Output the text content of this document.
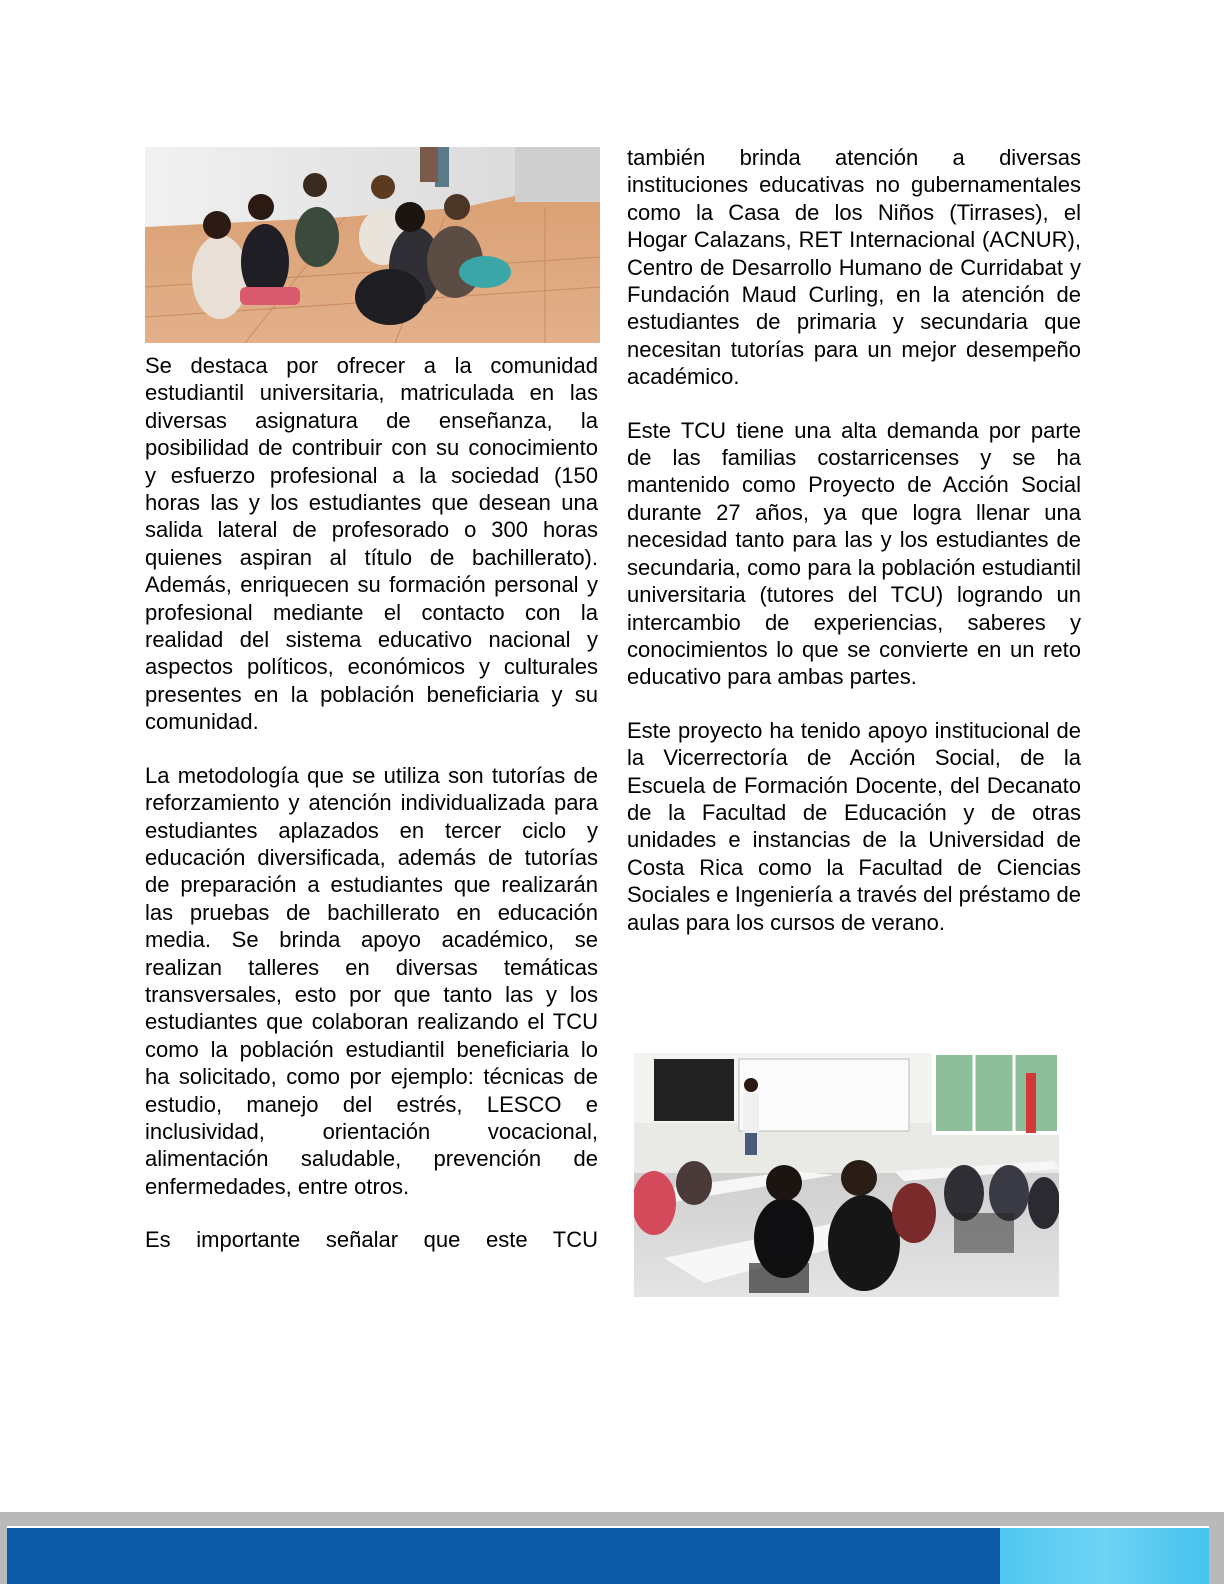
Se destaca por ofrecer a la comunidad estudiantil universitaria, matriculada en las diversas asignatura de enseñanza, la posibilidad de contribuir con su conocimiento y esfuerzo profesional a la sociedad (150 horas las y los estudiantes que desean una salida lateral de profesorado o 300 horas quienes aspiran al título de bachillerato). Además, enriquecen su formación personal y profesional mediante el contacto con la realidad del sistema educativo nacional y aspectos políticos, económicos y culturales presentes en la población beneficiaria y su comunidad.

La metodología que se utiliza son tutorías de reforzamiento y atención individualizada para estudiantes aplazados en tercer ciclo y educación diversificada, además de tutorías de preparación a estudiantes que realizarán las pruebas de bachillerato en educación media. Se brinda apoyo académico, se realizan talleres en diversas temáticas transversales, esto por que tanto las y los estudiantes que colaboran realizando el TCU como la población estudiantil beneficiaria lo ha solicitado, como por ejemplo: técnicas de estudio, manejo del estrés, LESCO e inclusividad, orientación vocacional, alimentación saludable, prevención de enfermedades, entre otros.

Es importante señalar que este TCU

también brinda atención a diversas instituciones educativas no gubernamentales como la Casa de los Niños (Tirrases), el Hogar Calazans, RET Internacional (ACNUR), Centro de Desarrollo Humano de Curridabat y Fundación Maud Curling, en la atención de estudiantes de primaria y secundaria que necesitan tutorías para un mejor desempeño académico.

Este TCU tiene una alta demanda por parte de las familias costarricenses y se ha mantenido como Proyecto de Acción Social durante 27 años, ya que logra llenar una necesidad tanto para las y los estudiantes de secundaria, como para la población estudiantil universitaria (tutores del TCU) logrando un intercambio de experiencias, saberes y conocimientos lo que se convierte en un reto educativo para ambas partes.

Este proyecto ha tenido apoyo institucional de la Vicerrectoría de Acción Social, de la Escuela de Formación Docente, del Decanato de la Facultad de Educación y de otras unidades e instancias de la Universidad de Costa Rica como la Facultad de Ciencias Sociales e Ingeniería a través del préstamo de aulas para los cursos de verano.
